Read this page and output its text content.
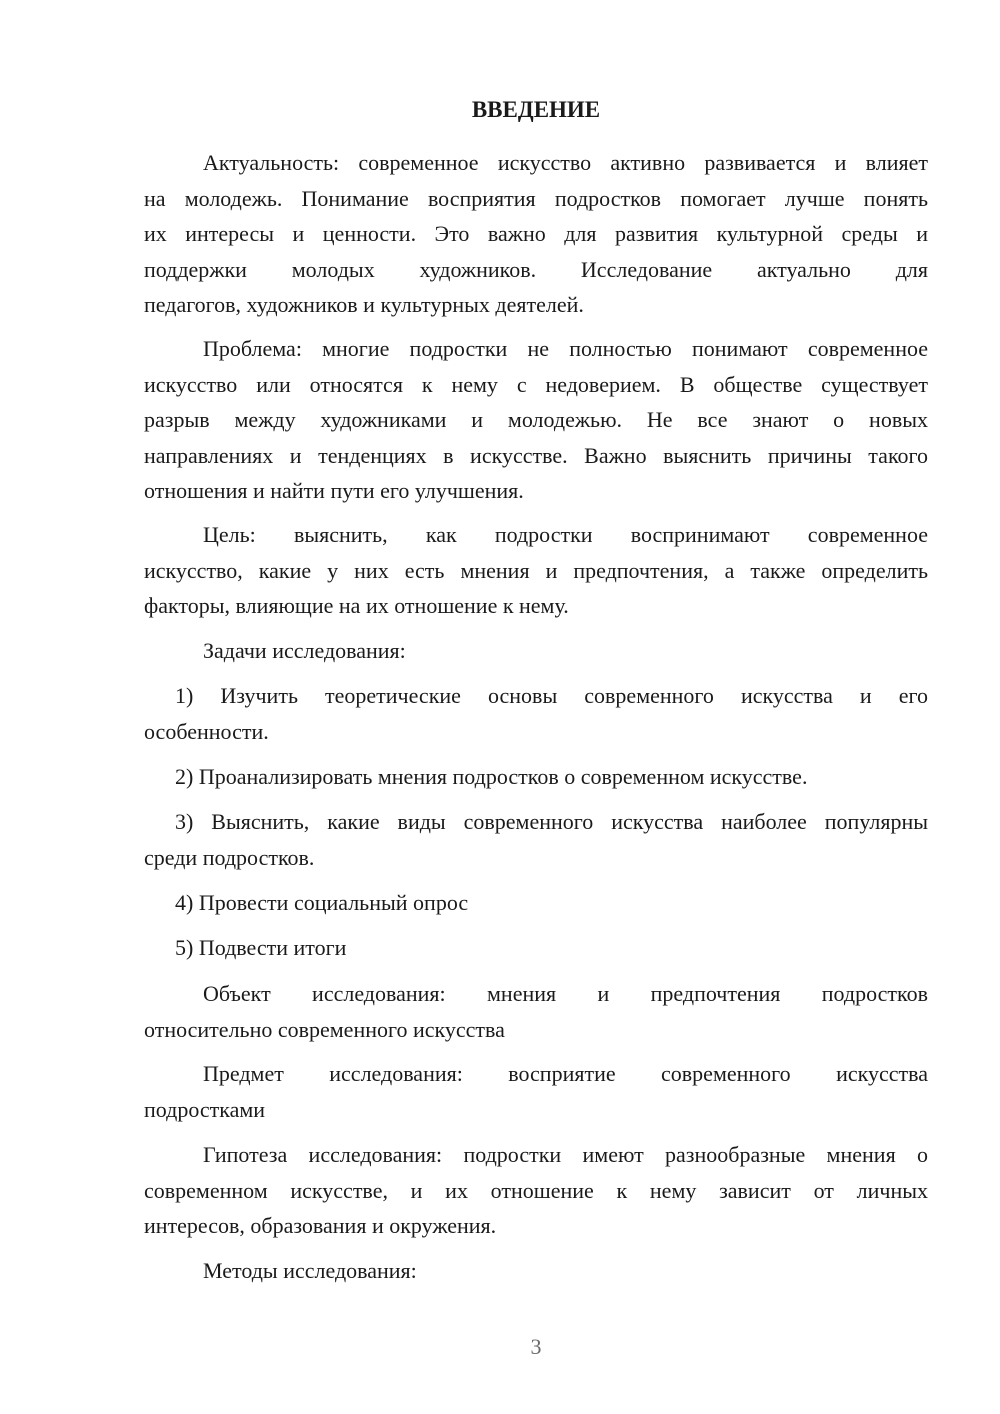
ВВЕДЕНИЕ

Актуальность: современное искусство активно развивается и влияет
на молодежь. Понимание восприятия подростков помогает лучше понять
их интересы и ценности. Это важно для развития культурной среды и
поддержки молодых художников. Исследование актуально для
педагогов, художников и культурных деятелей.

Проблема: многие подростки не полностью понимают современное
искусство или относятся к нему с недоверием. В обществе существует
разрыв между художниками и молодежью. Не все знают о новых
направлениях и тенденциях в искусстве. Важно выяснить причины такого
отношения и найти пути его улучшения.

Цель: выяснить, как подростки воспринимают современное
искусство, какие у них есть мнения и предпочтения, а также определить
факторы, влияющие на их отношение к нему.

Задачи исследования:

1) Изучить теоретические основы современного искусства и его
особенности.

2) Проанализировать мнения подростков о современном искусстве.

3) Выяснить, какие виды современного искусства наиболее популярны
среди подростков.

4) Провести социальный опрос

5) Подвести итоги

Объект исследования: мнения и предпочтения подростков
относительно современного искусства

Предмет исследования: восприятие современного искусства
подростками

Гипотеза исследования: подростки имеют разнообразные мнения о
современном искусстве, и их отношение к нему зависит от личных
интересов, образования и окружения.

Методы исследования:

3
